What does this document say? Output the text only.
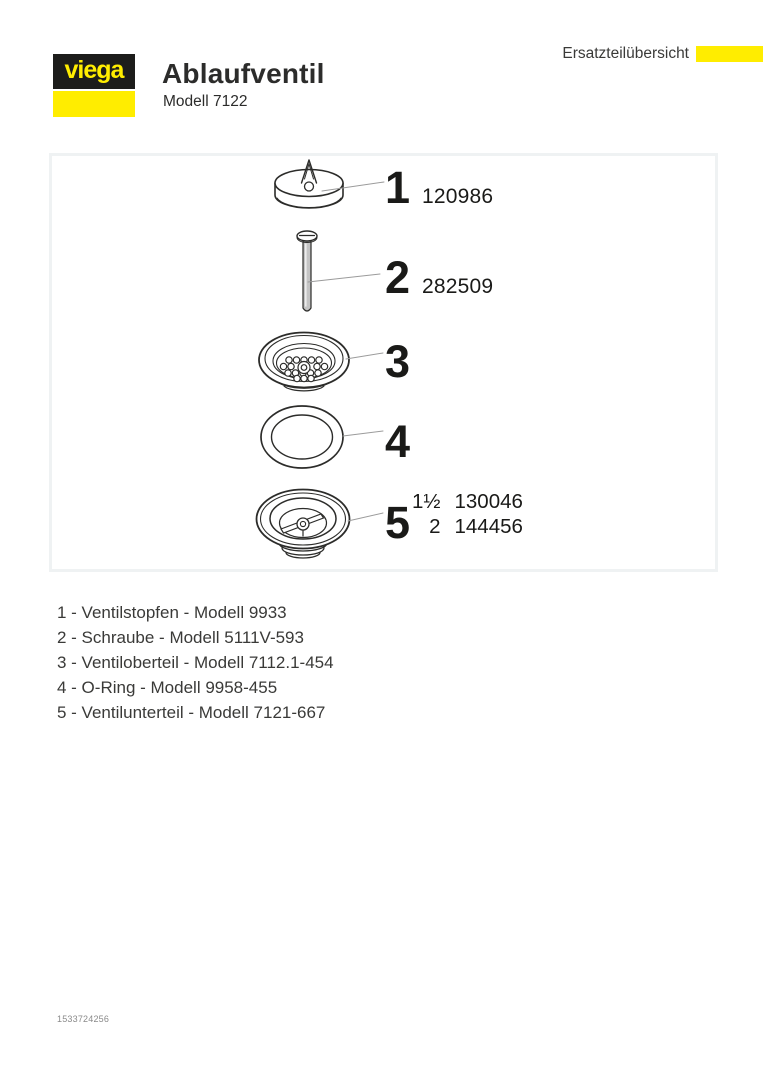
viega Ablaufventil
Modell 7122
Ersatzteilübersicht
1 120986
2 282509
3
4
5 1½ 130046
2 144456
1 - Ventilstopfen - Modell 9933
2 - Schraube - Modell 5111V-593
3 - Ventiloberteil - Modell 7112.1-454
4 - O-Ring - Modell 9958-455
5 - Ventilunterteil - Modell 7121-667
1533724256
